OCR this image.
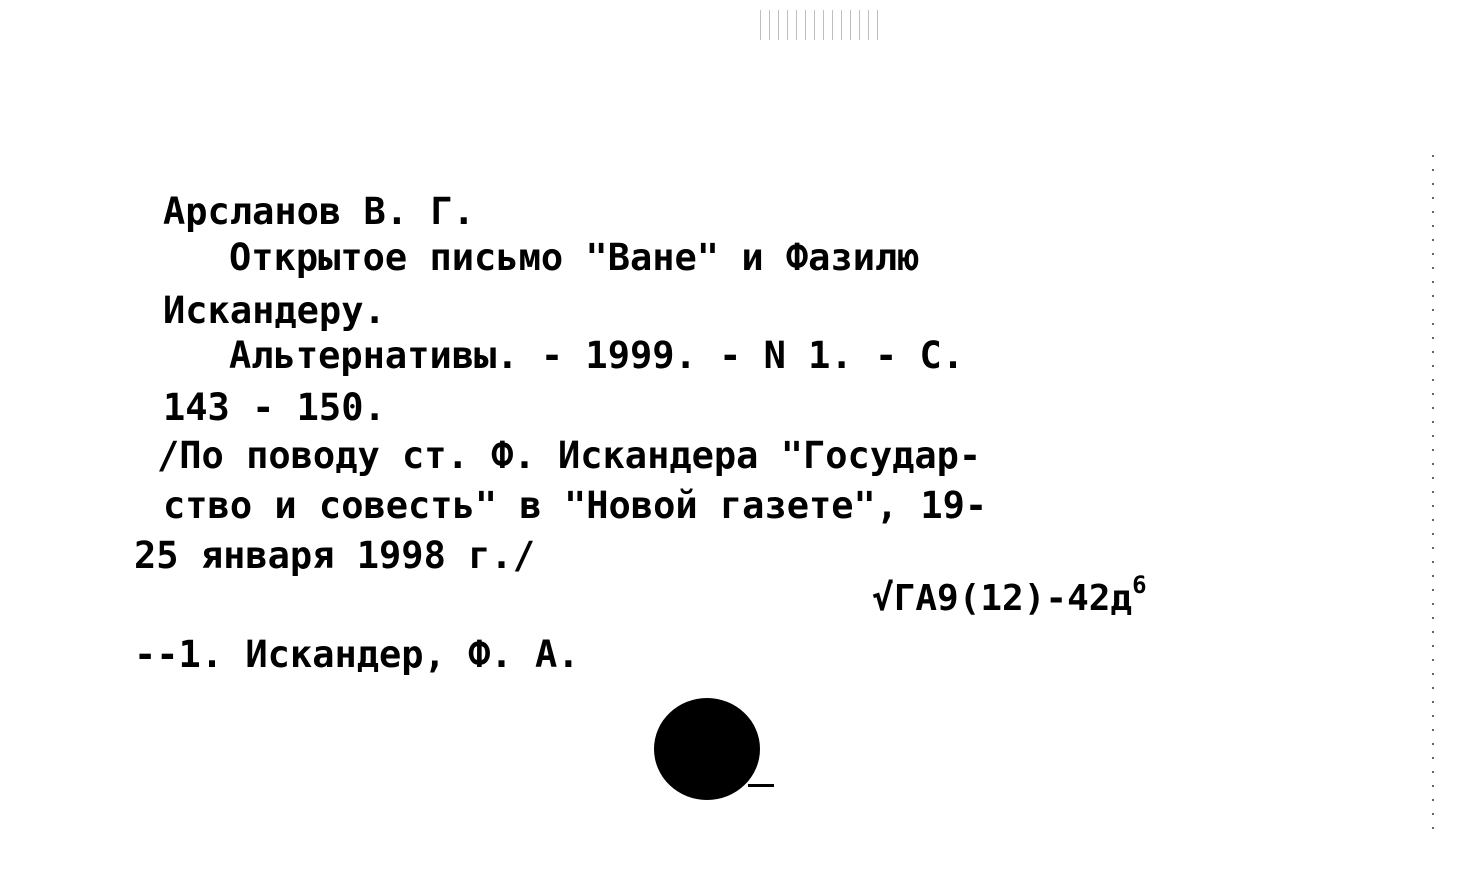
Арсланов В. Г.
Открытое письмо "Ване" и Фазилю
Искандеру.
Альтернативы. - 1999. - N 1. - С.
143 - 150.
/По поводу ст. Ф. Искандера "Государ-
ство и совесть" в "Новой газете", 19-
25 января 1998 г./
$√ГА9(12)-42д^6$
--1. Искандер, Ф. А.
